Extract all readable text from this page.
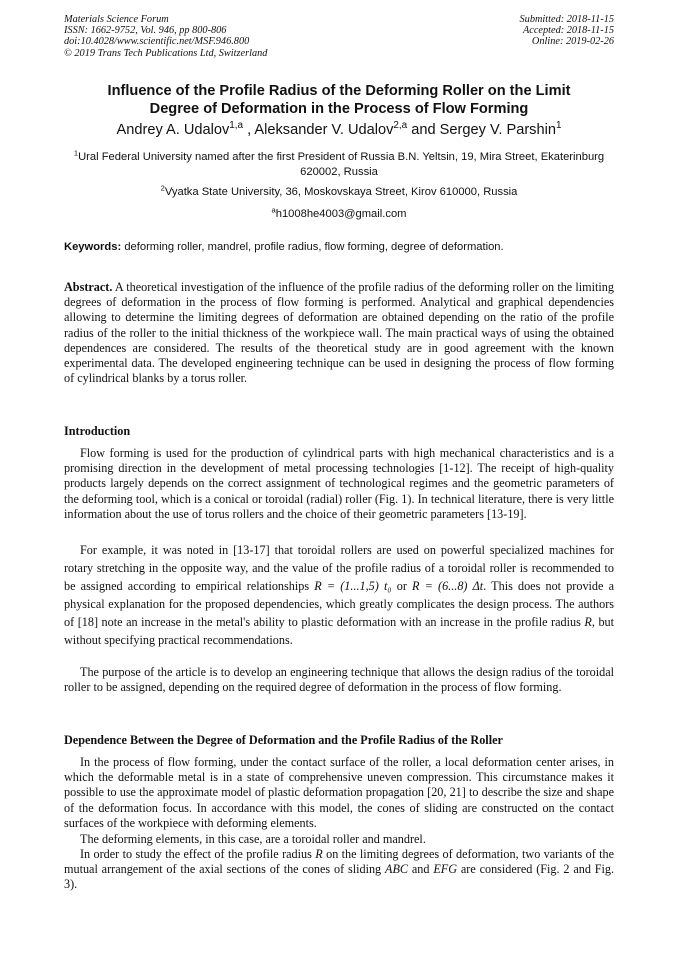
Materials Science Forum
ISSN: 1662-9752, Vol. 946, pp 800-806
doi:10.4028/www.scientific.net/MSF.946.800
© 2019 Trans Tech Publications Ltd, Switzerland
Submitted: 2018-11-15
Accepted: 2018-11-15
Online: 2019-02-26
Influence of the Profile Radius of the Deforming Roller on the Limit
Degree of Deformation in the Process of Flow Forming
Andrey A. Udalov$^{1,a}$ , Aleksander V. Udalov$^{2,a}$ and Sergey V. Parshin$^1$
$^1$Ural Federal University named after the first President of Russia B.N. Yeltsin, 19, Mira Street, Ekaterinburg 620002, Russia
$^2$Vyatka State University, 36, Moskovskaya Street, Kirov 610000, Russia
$^a$h1008he4003@gmail.com
Keywords: deforming roller, mandrel, profile radius, flow forming, degree of deformation.

Abstract. A theoretical investigation of the influence of the profile radius of the deforming roller on the limiting degrees of deformation in the process of flow forming is performed. Analytical and graphical dependencies allowing to determine the limiting degrees of deformation are obtained depending on the ratio of the profile radius of the roller to the initial thickness of the workpiece wall. The main practical ways of using the obtained dependences are considered. The results of the theoretical study are in good agreement with the known experimental data. The developed engineering technique can be used in designing the process of flow forming of cylindrical blanks by a torus roller.

Introduction

Flow forming is used for the production of cylindrical parts with high mechanical characteristics and is a promising direction in the development of metal processing technologies [1-12]. The receipt of high-quality products largely depends on the correct assignment of technological regimes and the geometric parameters of the deforming tool, which is a conical or toroidal (radial) roller (Fig. 1). In technical literature, there is very little information about the use of torus rollers and the choice of their geometric parameters [13-19].

For example, it was noted in [13-17] that toroidal rollers are used on powerful specialized machines for rotary stretching in the opposite way, and the value of the profile radius of a toroidal roller is recommended to be assigned according to empirical relationships R = (1...1,5) t₀ or R = (6...8) Δt. This does not provide a physical explanation for the proposed dependencies, which greatly complicates the design process. The authors of [18] note an increase in the metal's ability to plastic deformation with an increase in the profile radius R, but without specifying practical recommendations.

The purpose of the article is to develop an engineering technique that allows the design radius of the toroidal roller to be assigned, depending on the required degree of deformation in the process of flow forming.

Dependence Between the Degree of Deformation and the Profile Radius of the Roller

In the process of flow forming, under the contact surface of the roller, a local deformation center arises, in which the deformable metal is in a state of comprehensive uneven compression. This circumstance makes it possible to use the approximate model of plastic deformation propagation [20, 21] to describe the size and shape of the deformation focus. In accordance with this model, the cones of sliding are constructed on the contact surfaces of the workpiece with deforming elements.

The deforming elements, in this case, are a toroidal roller and mandrel.

In order to study the effect of the profile radius R on the limiting degrees of deformation, two variants of the mutual arrangement of the axial sections of the cones of sliding ABC and EFG are considered (Fig. 2 and Fig. 3).
